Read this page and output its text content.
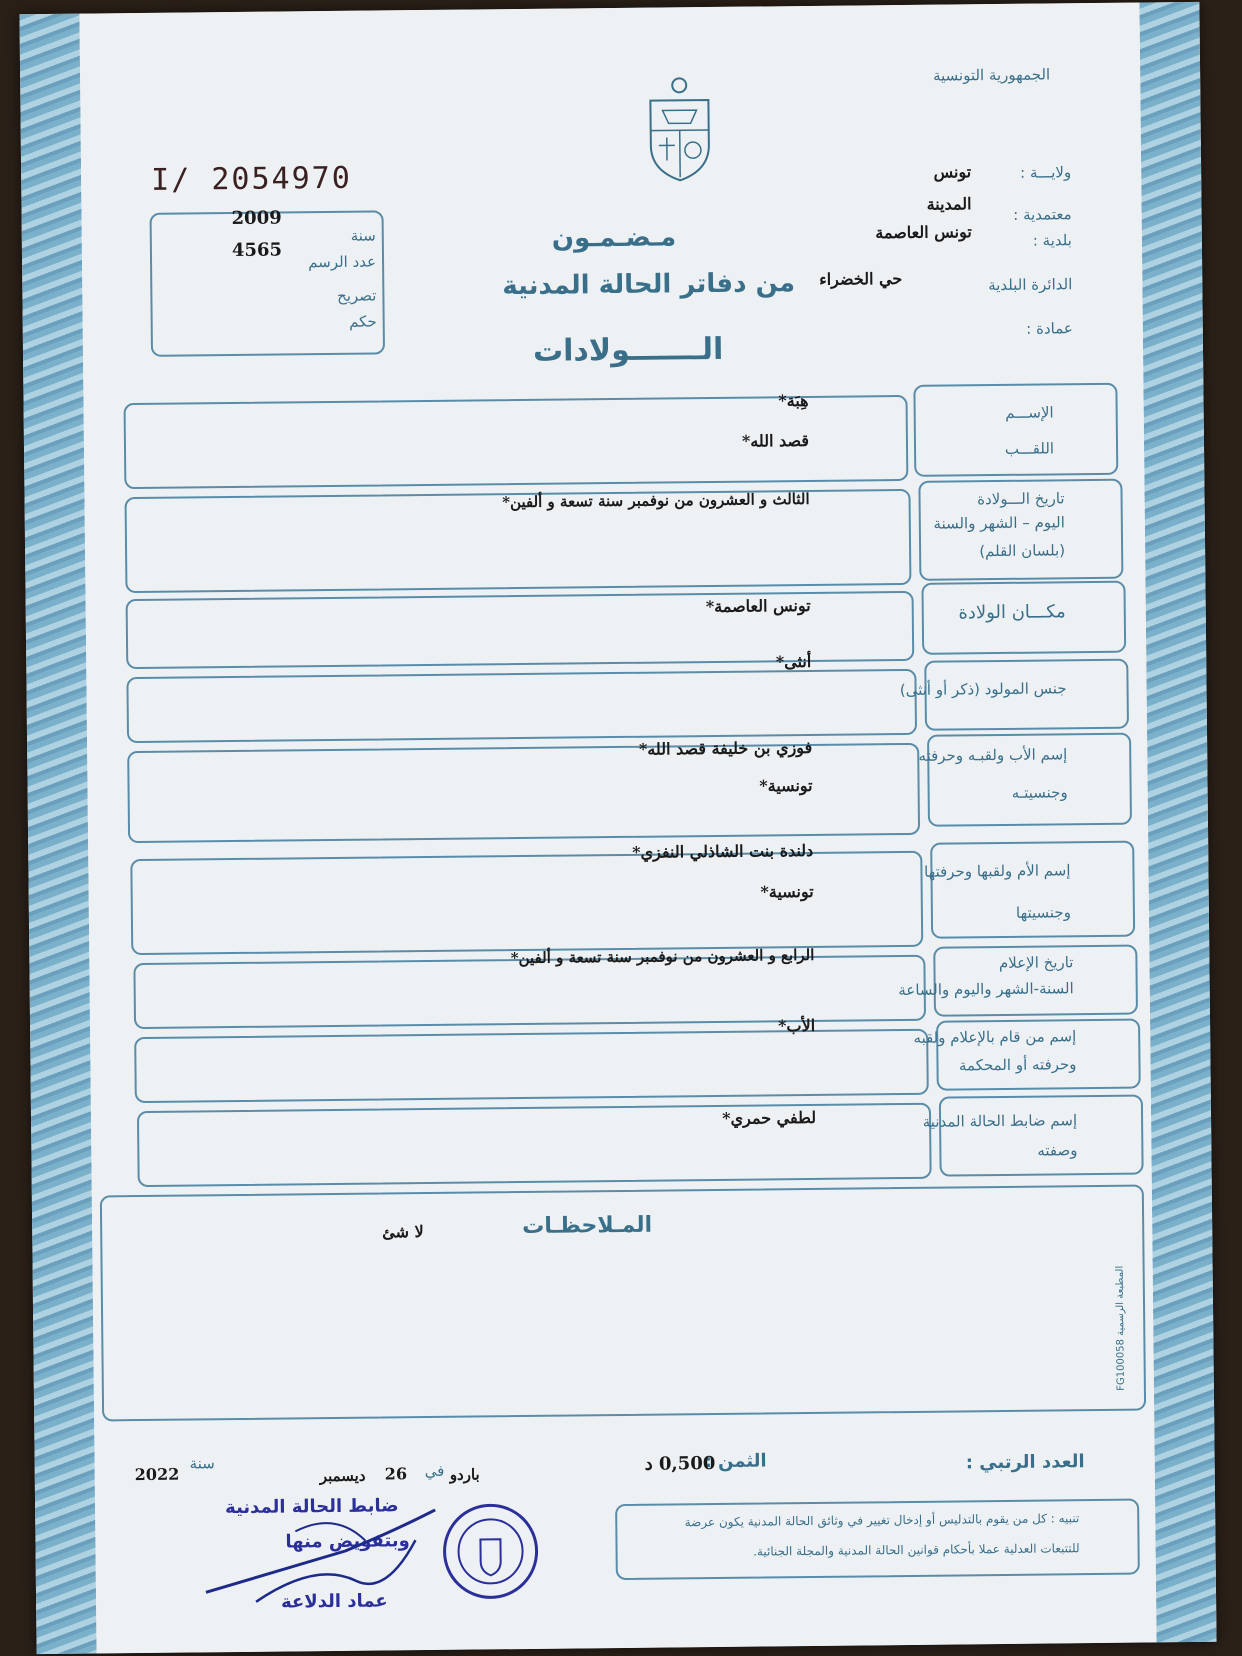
الجمهورية التونسية
I/ 2054970
سنة
عدد الرسم
تصريح
حكم
2009
4565	مـضـمـون
من دفاتر الحالة المدنية
الـــــــولادات
ولايـــة :
تونس
معتمدية :
المدينة
بلدية :
تونس العاصمة
الدائرة البلدية
حي الخضراء
عمادة :
الإســـم
اللقـــب
هِبَة*
قصد الله*
تاريخ الـــولادة
اليوم – الشهر والسنة
(بلسان القلم)
الثالث و العشرون من نوفمبر سنة تسعة و ألفين*
مكـــان الولادة
تونس العاصمة*
جنس المولود (ذكر أو أنثى)
أنثى*
إسم الأب ولقبـه وحرفته
وجنسيتـه
فوزي بن خليفة قصد الله*
تونسية*
إسم الأم ولقبها وحرفتها
وجنسيتها
دلندة بنت الشاذلي النفزي*
تونسية*
تاريخ الإعلام
السنة-الشهر واليوم والساعة
الرابع و العشرون من نوفمبر سنة تسعة و ألفين*
إسم من قام بالإعلام ولقبه
وحرفته أو المحكمة
الأب*
إسم ضابط الحالة المدنية
وصفته
لطفي حمري*
المـلاحظـات
لا شئ
المطبعة الرسمية FG100058
العدد الرتبي :
الثمن :
0,500 د
باردو
في
26
ديسمبر
سنة
2022
تنبيه : كل من يقوم بالتدليس أو إدخال تغيير في وثائق الحالة المدنية يكون عرضة
للتتبعات العدلية عملا بأحكام قوانين الحالة المدنية والمجلة الجنائية.
ضابط الحالة المدنية
وبتفويض منها
عماد الدلاعة
